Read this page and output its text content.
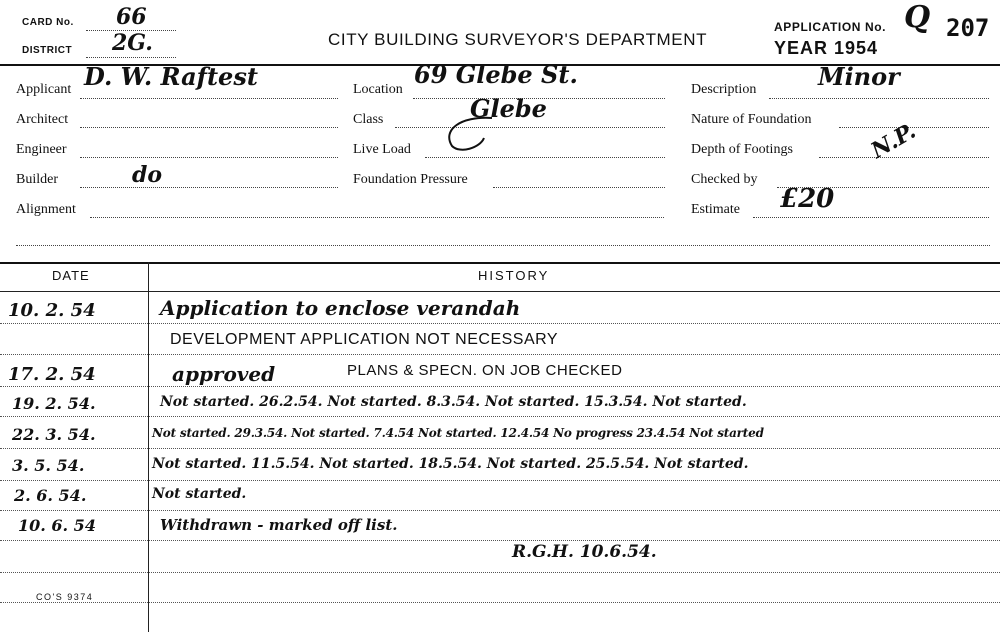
CARD No. 66
DISTRICT 2G.	CITY BUILDING SURVEYOR'S DEPARTMENT
APPLICATION No. Q 207
YEAR 1954
Applicant D. W. Raftest
Architect
Engineer
Builder	do
Alignment
Location
69 Glebe St.
Class	Glebe
Live Load
Foundation Pressure
Description	Minor
Nature of Foundation
Depth of Footings	N.P.
Checked by
Estimate £20
DATE	HISTORY
10. 2. 54	Application to enclose verandah
DEVELOPMENT APPLICATION NOT NECESSARY
17. 2. 54	approved	PLANS & SPECN. ON JOB CHECKED
19. 2. 54.	Not started. 26.2.54. Not started. 8.3.54. Not started. 15.3.54. Not started.
22. 3. 54.	Not started. 29.3.54. Not started. 7.4.54 Not started. 12.4.54 No progress 23.4.54 Not started
3. 5. 54.	Not started. 11.5.54. Not started. 18.5.54. Not started. 25.5.54. Not started.
2. 6. 54.	Not started.
10. 6. 54	Withdrawn - marked off list.
R.G.H. 10.6.54.
CO'S 9374
